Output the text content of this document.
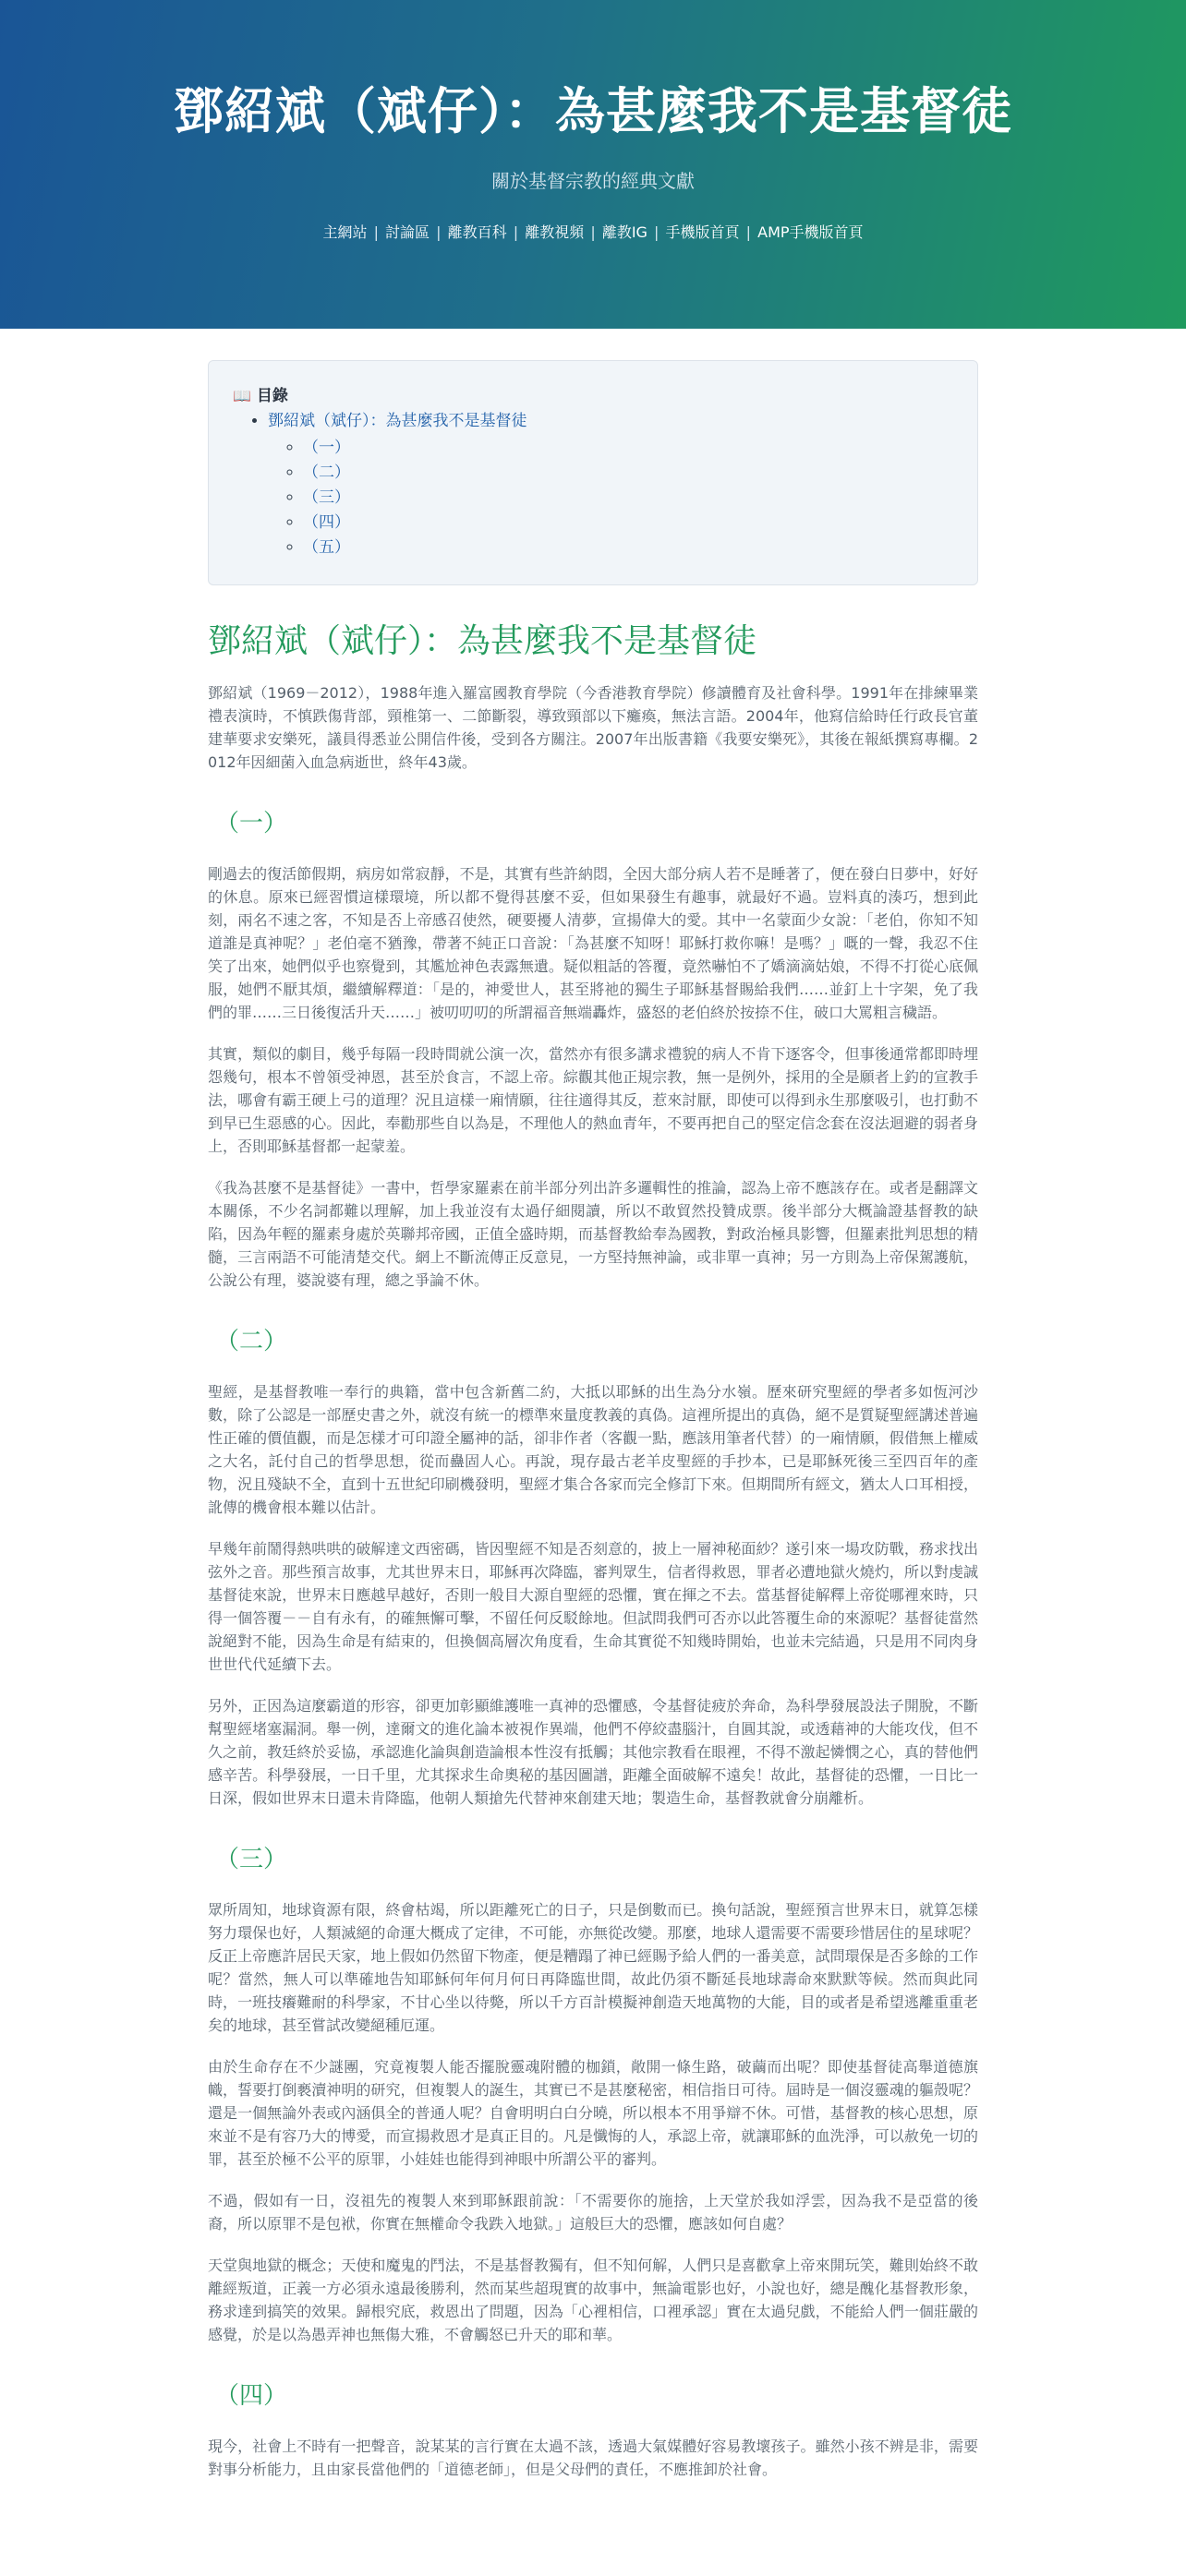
鄧紹斌（斌仔）：為甚麼我不是基督徒
關於基督宗教的經典文獻
主網站 | 討論區 | 離教百科 | 離教視頻 | 離教IG | 手機版首頁 | AMP手機版首頁
📖 目錄
• 鄧紹斌（斌仔）：為甚麼我不是基督徒
◦ （一）
◦ （二）
◦ （三）
◦ （四）
◦ （五）
鄧紹斌（斌仔）：為甚麼我不是基督徒

鄧紹斌（1969－2012），1988年進入羅富國教育學院（今香港教育學院）修讀體育及社會科學。1991年在排練畢業禮表演時，不慎跌傷背部，頸椎第一、二節斷裂，導致頸部以下癱瘓，無法言語。2004年，他寫信給時任行政長官董建華要求安樂死，議員得悉並公開信件後，受到各方關注。2007年出版書籍《我要安樂死》，其後在報紙撰寫專欄。2012年因細菌入血急病逝世，終年43歲。

（一）

剛過去的復活節假期，病房如常寂靜，不是，其實有些許納悶，全因大部分病人若不是睡著了，便在發白日夢中，好好的休息。原來已經習慣這樣環境，所以都不覺得甚麼不妥，但如果發生有趣事，就最好不過。豈料真的湊巧，想到此刻，兩名不速之客，不知是否上帝感召使然，硬要擾人清夢，宣揚偉大的愛。其中一名蒙面少女說：「老伯，你知不知道誰是真神呢？」老伯毫不猶豫，帶著不純正口音說：「為甚麼不知呀！耶穌打救你嘛！是嗎？」嘅的一聲，我忍不住笑了出來，她們似乎也察覺到，其尷尬神色表露無遺。疑似粗話的答覆，竟然嚇怕不了嬌滴滴姑娘，不得不打從心底佩服，她們不厭其煩，繼續解釋道：「是的，神愛世人，甚至將祂的獨生子耶穌基督賜給我們……並釘上十字架，免了我們的罪……三日後復活升天……」被叨叨叨的所謂福音無端轟炸，盛怒的老伯終於按捺不住，破口大罵粗言穢語。

其實，類似的劇目，幾乎每隔一段時間就公演一次，當然亦有很多講求禮貌的病人不肯下逐客令，但事後通常都即時埋怨幾句，根本不曾領受神恩，甚至於食言，不認上帝。綜觀其他正規宗教，無一是例外，採用的全是願者上釣的宣教手法，哪會有霸王硬上弓的道理？況且這樣一廂情願，往往適得其反，惹來討厭，即使可以得到永生那麼吸引，也打動不到早已生惡感的心。因此，奉勸那些自以為是，不理他人的熱血青年，不要再把自己的堅定信念套在沒法迴避的弱者身上，否則耶穌基督都一起蒙羞。

《我為甚麼不是基督徒》一書中，哲學家羅素在前半部分列出許多邏輯性的推論，認為上帝不應該存在。或者是翻譯文本關係，不少名詞都難以理解，加上我並沒有太過仔細閱讀，所以不敢貿然投贊成票。後半部分大概論證基督教的缺陷，因為年輕的羅素身處於英聯邦帝國，正值全盛時期，而基督教給奉為國教，對政治極具影響，但羅素批判思想的精髓，三言兩語不可能清楚交代。網上不斷流傳正反意見，一方堅持無神論，或非單一真神；另一方則為上帝保駕護航，公說公有理，婆說婆有理，總之爭論不休。

（二）

聖經，是基督教唯一奉行的典籍，當中包含新舊二約，大抵以耶穌的出生為分水嶺。歷來研究聖經的學者多如恆河沙數，除了公認是一部歷史書之外，就沒有統一的標準來量度教義的真偽。這裡所提出的真偽，絕不是質疑聖經講述普遍性正確的價值觀，而是怎樣才可印證全屬神的話，卻非作者（客觀一點，應該用筆者代替）的一廂情願，假借無上權威之大名，託付自己的哲學思想，從而蠱固人心。再說，現存最古老羊皮聖經的手抄本，已是耶穌死後三至四百年的產物，況且殘缺不全，直到十五世紀印刷機發明，聖經才集合各家而完全修訂下來。但期間所有經文，猶太人口耳相授，訛傳的機會根本難以估計。

早幾年前鬧得熱哄哄的破解達文西密碼，皆因聖經不知是否刻意的，披上一層神秘面紗？遂引來一場攻防戰，務求找出弦外之音。那些預言故事，尤其世界末日，耶穌再次降臨，審判眾生，信者得救恩，罪者必遭地獄火燒灼，所以對虔誠基督徒來說，世界末日應越早越好，否則一般目大源自聖經的恐懼，實在揮之不去。當基督徒解釋上帝從哪裡來時，只得一個答覆－－自有永有，的確無懈可擊，不留任何反駁餘地。但試問我們可否亦以此答覆生命的來源呢？基督徒當然說絕對不能，因為生命是有結束的，但換個高層次角度看，生命其實從不知幾時開始，也並未完結過，只是用不同肉身世世代代延續下去。

另外，正因為這麼霸道的形容，卻更加彰顯維護唯一真神的恐懼感，令基督徒疲於奔命，為科學發展設法子開脫，不斷幫聖經堵塞漏洞。舉一例，達爾文的進化論本被視作異端，他們不停絞盡腦汁，自圓其說，或透藉神的大能攻伐，但不久之前，教廷終於妥協，承認進化論與創造論根本性沒有抵觸；其他宗教看在眼裡，不得不激起憐憫之心，真的替他們感辛苦。科學發展，一日千里，尤其探求生命奧秘的基因圖譜，距離全面破解不遠矣！故此，基督徒的恐懼，一日比一日深，假如世界末日還未肯降臨，他朝人類搶先代替神來創建天地；製造生命，基督教就會分崩離析。

（三）

眾所周知，地球資源有限，終會枯竭，所以距離死亡的日子，只是倒數而已。換句話說，聖經預言世界末日，就算怎樣努力環保也好，人類滅絕的命運大概成了定律，不可能，亦無從改變。那麼，地球人還需要不需要珍惜居住的星球呢？反正上帝應許居民天家，地上假如仍然留下物產，便是糟蹋了神已經賜予給人們的一番美意，試問環保是否多餘的工作呢？當然，無人可以準確地告知耶穌何年何月何日再降臨世間，故此仍須不斷延長地球壽命來默默等候。然而與此同時，一班技癢難耐的科學家，不甘心坐以待斃，所以千方百計模擬神創造天地萬物的大能，目的或者是希望逃離重重老矣的地球，甚至嘗試改變絕種厄運。

由於生命存在不少謎團，究竟複製人能否擺脫靈魂附體的枷鎖，敞開一條生路，破繭而出呢？即使基督徒高舉道德旗幟，誓要打倒褻瀆神明的研究，但複製人的誕生，其實已不是甚麼秘密，相信指日可待。屆時是一個沒靈魂的軀殼呢？還是一個無論外表或內涵俱全的普通人呢？自會明明白白分曉，所以根本不用爭辯不休。可惜，基督教的核心思想，原來並不是有容乃大的博愛，而宣揚救恩才是真正目的。凡是懺悔的人，承認上帝，就讓耶穌的血洗淨，可以赦免一切的罪，甚至於極不公平的原罪，小娃娃也能得到神眼中所謂公平的審判。

不過，假如有一日，沒祖先的複製人來到耶穌跟前說：「不需要你的施捨，上天堂於我如浮雲，因為我不是亞當的後裔，所以原罪不是包袱，你實在無權命令我跌入地獄。」這般巨大的恐懼，應該如何自處？

天堂與地獄的概念；天使和魔鬼的鬥法，不是基督教獨有，但不知何解，人們只是喜歡拿上帝來開玩笑，難則始終不敢離經叛道，正義一方必須永遠最後勝利，然而某些超現實的故事中，無論電影也好，小說也好，總是醜化基督教形象，務求達到搞笑的效果。歸根究底，救恩出了問題，因為「心裡相信，口裡承認」實在太過兒戲，不能給人們一個莊嚴的感覺，於是以為愚弄神也無傷大雅，不會觸怒已升天的耶和華。

（四）

現今，社會上不時有一把聲音，說某某的言行實在太過不該，透過大氣媒體好容易教壞孩子。雖然小孩不辨是非，需要對事分析能力，且由家長當他們的「道德老師」，但是父母們的責任，不應推卸於社會。
